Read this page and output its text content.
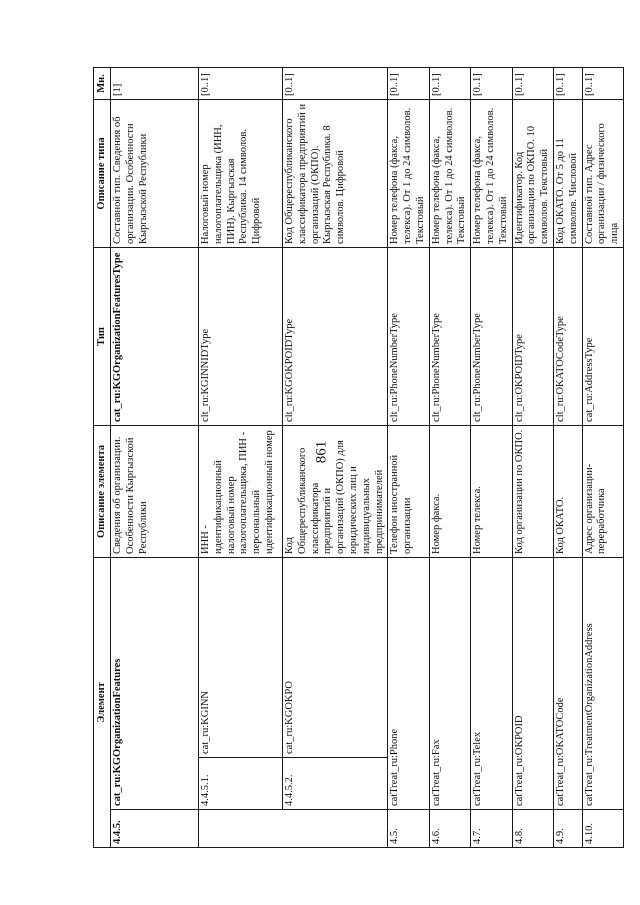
861
Элемент			Описание элемента	Тип	Описание типа	Мн.
4.4.5.	cat_ru:KGOrganizationFeatures		Сведения об организации. Особенности Кыргызской Республики	cat_ru:KGOrganizationFeaturesType	Составной тип. Сведения об организации. Особенности Кыргызской Республики	[1]
	4.4.5.1.	cat_ru:KGINN	ИНН - идентификационный налоговый номер налогоплательщика, ПИН - персональный идентификационный номер	clt_ru:KGINNIDType	Налоговый номер налогоплательщика (ИНН, ПИН). Кыргызская Республика. 14 символов. Цифровой	[0..1]
	4.4.5.2.	cat_ru:KGOKPO	Код Общереспубликанского классификатора предприятий и организаций (ОКПО) для юридических лиц и индивидуальных предпринимателей	clt_ru:KGOKPOIDType	Код Общереспубликанского классификатора предприятий и организаций (ОКПО). Кыргызская Республика. 8 символов. Цифровой	[0..1]
4.5.	catTreat_ru:Phone		Телефон иностранной организации	clt_ru:PhoneNumberType	Номер телефона (факса, телекса). От 1 до 24 символов. Текстовый	[0..1]
4.6.	catTreat_ru:Fax		Номер факса.	clt_ru:PhoneNumberType	Номер телефона (факса, телекса). От 1 до 24 символов. Текстовый	[0..1]
4.7.	catTreat_ru:Telex		Номер телекса.	clt_ru:PhoneNumberType	Номер телефона (факса, телекса). От 1 до 24 символов. Текстовый	[0..1]
4.8.	catTreat_ru:OKPOID		Код организации по ОКПО.	clt_ru:OKPOIDType	Идентификатор. Код организации по ОКПО. 10 символов. Текстовый	[0..1]
4.9.	catTreat_ru:OKATOCode		Код ОКАТО.	clt_ru:OKATOCodeType	Код ОКАТО. От 5 до 11 символов. Числовой	[0..1]
4.10.	catTreat_ru:TreatmentOrganizationAddress		Адрес организации-переработчика	cat_ru:AddressType	Составной тип. Адрес организации / физического лица	[0..1]
